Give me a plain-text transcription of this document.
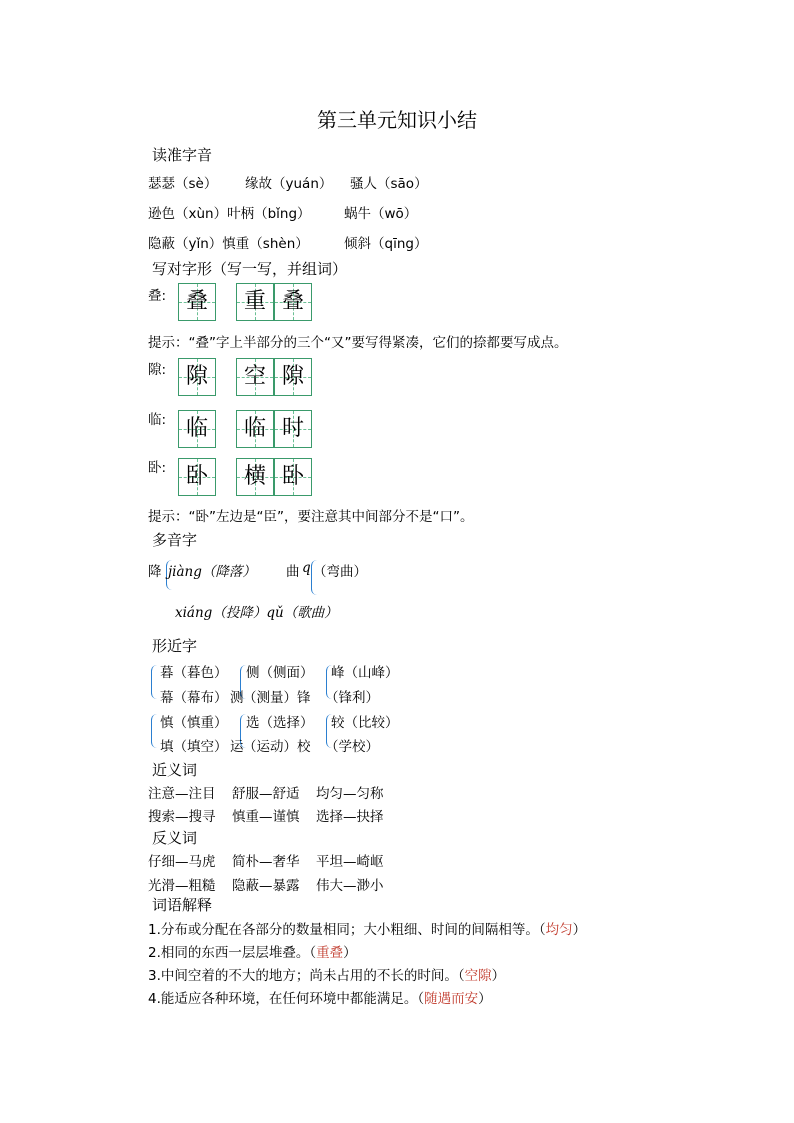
第三单元知识小结
读准字音
瑟瑟（sè） 缘故（yuán） 骚人（sāo）
逊色（xùn）叶柄（bǐng） 蜗牛（wō）
隐蔽（yǐn）慎重（shèn）	倾斜（qīng）
写对字形（写一写，并组词）
叠: 叠	重 叠
提示：“叠”字上半部分的三个“又”要写得紧凑，它们的捺都要写成点。
隙: 隙	空 隙
临: 临	临 时
卧: 卧	横 卧
提示：“卧”左边是“臣”，要注意其中间部分不是“口”。
多音字
降 jiàng（降落） 曲 q （弯曲）
xiáng（投降）qǔ（歌曲）
形近字
暮（暮色） 侧（侧面） 峰（山峰）
幕（幕布） 测 （测量）锋 （锋利）
慎（慎重） 选（选择） 较（比较）
填（填空） 运 （运动）校 （学校）
近义词
注意—注目 舒服—舒适 均匀—匀称
搜索—搜寻 慎重—谨慎 选择—抉择
反义词
仔细—马虎 简朴—奢华 平坦—崎岖
光滑—粗糙 隐蔽—暴露 伟大—渺小
词语解释
1.分布或分配在各部分的数量相同；大小粗细、时间的间隔相等。（均匀）
2.相同的东西一层层堆叠。（重叠）
3.中间空着的不大的地方；尚未占用的不长的时间。（空隙）
4.能适应各种环境，在任何环境中都能满足。（随遇而安）
